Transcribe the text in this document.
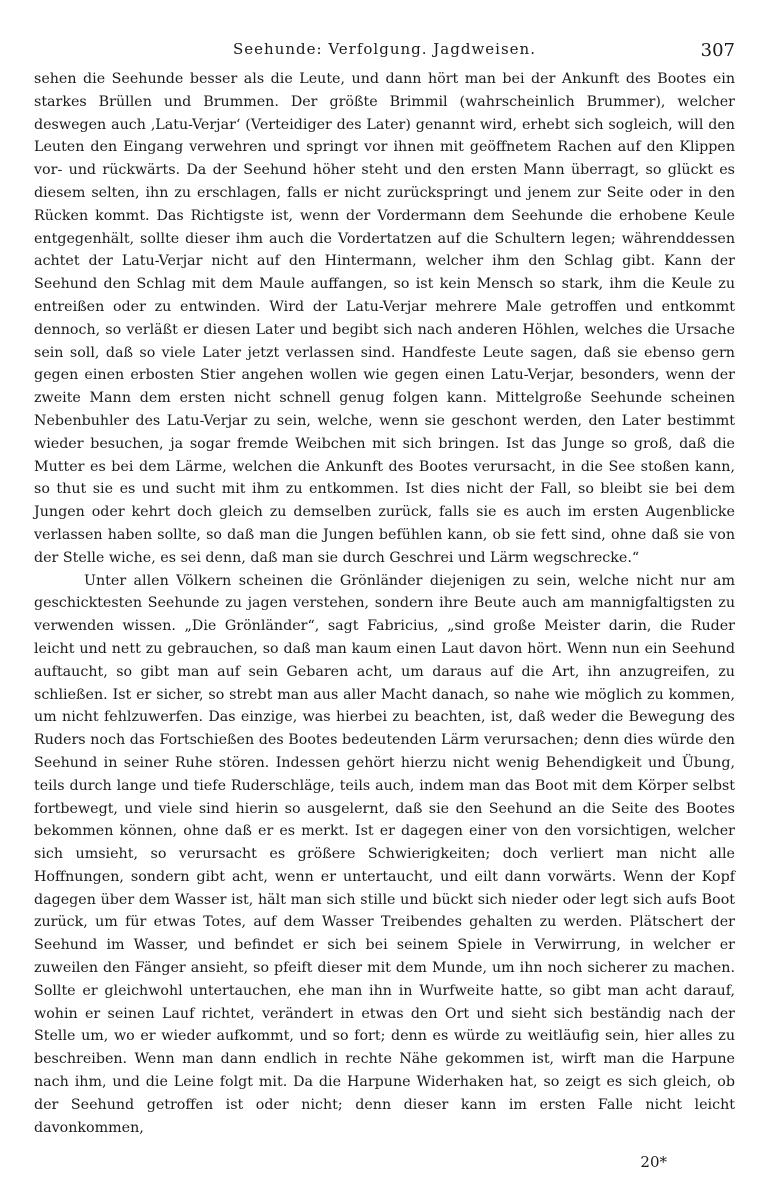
Seehunde: Verfolgung. Jagdweisen.	307

sehen die Seehunde besser als die Leute, und dann hört man bei der Ankunft des Bootes ein starkes Brüllen und Brummen. Der größte Brimmil (wahrscheinlich Brummer), welcher deswegen auch ‚Latu-Verjar‘ (Verteidiger des Later) genannt wird, erhebt sich sogleich, will den Leuten den Eingang verwehren und springt vor ihnen mit geöffnetem Rachen auf den Klippen vor- und rückwärts. Da der Seehund höher steht und den ersten Mann überragt, so glückt es diesem selten, ihn zu erschlagen, falls er nicht zurückspringt und jenem zur Seite oder in den Rücken kommt. Das Richtigste ist, wenn der Vordermann dem Seehunde die erhobene Keule entgegenhält, sollte dieser ihm auch die Vordertatzen auf die Schultern legen; währenddessen achtet der Latu-Verjar nicht auf den Hintermann, welcher ihm den Schlag gibt. Kann der Seehund den Schlag mit dem Maule auffangen, so ist kein Mensch so stark, ihm die Keule zu entreißen oder zu entwinden. Wird der Latu-Verjar mehrere Male getroffen und entkommt dennoch, so verläßt er diesen Later und begibt sich nach anderen Höhlen, welches die Ursache sein soll, daß so viele Later jetzt verlassen sind. Handfeste Leute sagen, daß sie ebenso gern gegen einen erbosten Stier angehen wollen wie gegen einen Latu-Verjar, besonders, wenn der zweite Mann dem ersten nicht schnell genug folgen kann. Mittelgroße Seehunde scheinen Nebenbuhler des Latu-Verjar zu sein, welche, wenn sie geschont werden, den Later bestimmt wieder besuchen, ja sogar fremde Weibchen mit sich bringen. Ist das Junge so groß, daß die Mutter es bei dem Lärme, welchen die Ankunft des Bootes verursacht, in die See stoßen kann, so thut sie es und sucht mit ihm zu entkommen. Ist dies nicht der Fall, so bleibt sie bei dem Jungen oder kehrt doch gleich zu demselben zurück, falls sie es auch im ersten Augenblicke verlassen haben sollte, so daß man die Jungen befühlen kann, ob sie fett sind, ohne daß sie von der Stelle wiche, es sei denn, daß man sie durch Geschrei und Lärm wegschrecke.“

Unter allen Völkern scheinen die Grönländer diejenigen zu sein, welche nicht nur am geschicktesten Seehunde zu jagen verstehen, sondern ihre Beute auch am mannigfaltigsten zu verwenden wissen. „Die Grönländer“, sagt Fabricius, „sind große Meister darin, die Ruder leicht und nett zu gebrauchen, so daß man kaum einen Laut davon hört. Wenn nun ein Seehund auftaucht, so gibt man auf sein Gebaren acht, um daraus auf die Art, ihn anzugreifen, zu schließen. Ist er sicher, so strebt man aus aller Macht danach, so nahe wie möglich zu kommen, um nicht fehlzuwerfen. Das einzige, was hierbei zu beachten, ist, daß weder die Bewegung des Ruders noch das Fortschießen des Bootes bedeutenden Lärm verursachen; denn dies würde den Seehund in seiner Ruhe stören. Indessen gehört hierzu nicht wenig Behendigkeit und Übung, teils durch lange und tiefe Ruderschläge, teils auch, indem man das Boot mit dem Körper selbst fortbewegt, und viele sind hierin so ausgelernt, daß sie den Seehund an die Seite des Bootes bekommen können, ohne daß er es merkt. Ist er dagegen einer von den vorsichtigen, welcher sich umsieht, so verursacht es größere Schwierigkeiten; doch verliert man nicht alle Hoffnungen, sondern gibt acht, wenn er untertaucht, und eilt dann vorwärts. Wenn der Kopf dagegen über dem Wasser ist, hält man sich stille und bückt sich nieder oder legt sich aufs Boot zurück, um für etwas Totes, auf dem Wasser Treibendes gehalten zu werden. Plätschert der Seehund im Wasser, und befindet er sich bei seinem Spiele in Verwirrung, in welcher er zuweilen den Fänger ansieht, so pfeift dieser mit dem Munde, um ihn noch sicherer zu machen. Sollte er gleichwohl untertauchen, ehe man ihn in Wurfweite hatte, so gibt man acht darauf, wohin er seinen Lauf richtet, verändert in etwas den Ort und sieht sich beständig nach der Stelle um, wo er wieder aufkommt, und so fort; denn es würde zu weitläufig sein, hier alles zu beschreiben. Wenn man dann endlich in rechte Nähe gekommen ist, wirft man die Harpune nach ihm, und die Leine folgt mit. Da die Harpune Widerhaken hat, so zeigt es sich gleich, ob der Seehund getroffen ist oder nicht; denn dieser kann im ersten Falle nicht leicht davonkommen,

20*
